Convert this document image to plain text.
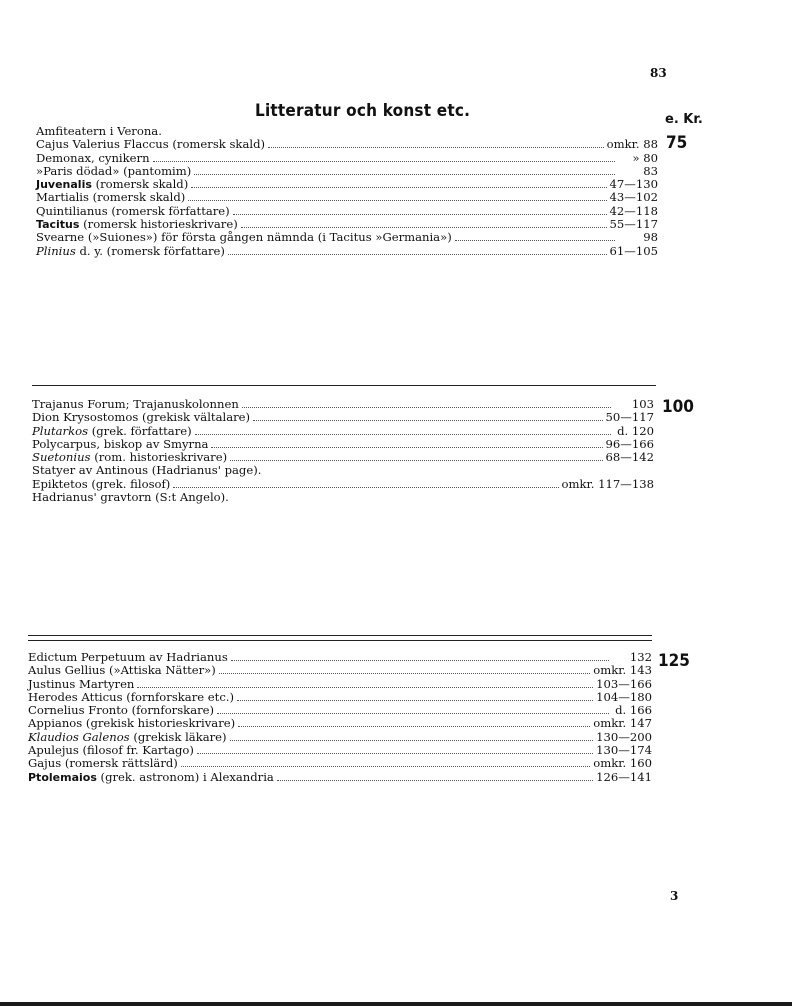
83
Litteratur och konst etc.	e. Kr.
75
Amfiteatern i Verona.
Cajus Valerius Flaccus (romersk skald)	omkr. 88
Demonax, cynikern	» 80
»Paris dödad» (pantomim)	83
Juvenalis (romersk skald)	47—130
Martialis (romersk skald)	43—102
Quintilianus (romersk författare)	42—118
Tacitus (romersk historieskrivare)	55—117
Svearne (»Suiones») för första gången nämnda (i Tacitus »Germania»)	98
Plinius d. y. (romersk författare)	61—105
100
Trajanus Forum; Trajanuskolonnen	103
Dion Krysostomos (grekisk vältalare)	50—117
Plutarkos (grek. författare)	d. 120
Polycarpus, biskop av Smyrna	96—166
Suetonius (rom. historieskrivare)	68—142
Statyer av Antinous (Hadrianus' page).
Epiktetos (grek. filosof)	omkr. 117—138
Hadrianus' gravtorn (S:t Angelo).
125
Edictum Perpetuum av Hadrianus	132
Aulus Gellius (»Attiska Nätter»)	omkr. 143
Justinus Martyren	103—166
Herodes Atticus (fornforskare etc.)	104—180
Cornelius Fronto (fornforskare)	d. 166
Appianos (grekisk historieskrivare)	omkr. 147
Klaudios Galenos (grekisk läkare)	130—200
Apulejus (filosof fr. Kartago)	130—174
Gajus (romersk rättslärd)	omkr. 160
Ptolemaios (grek. astronom) i Alexandria	126—141
3
